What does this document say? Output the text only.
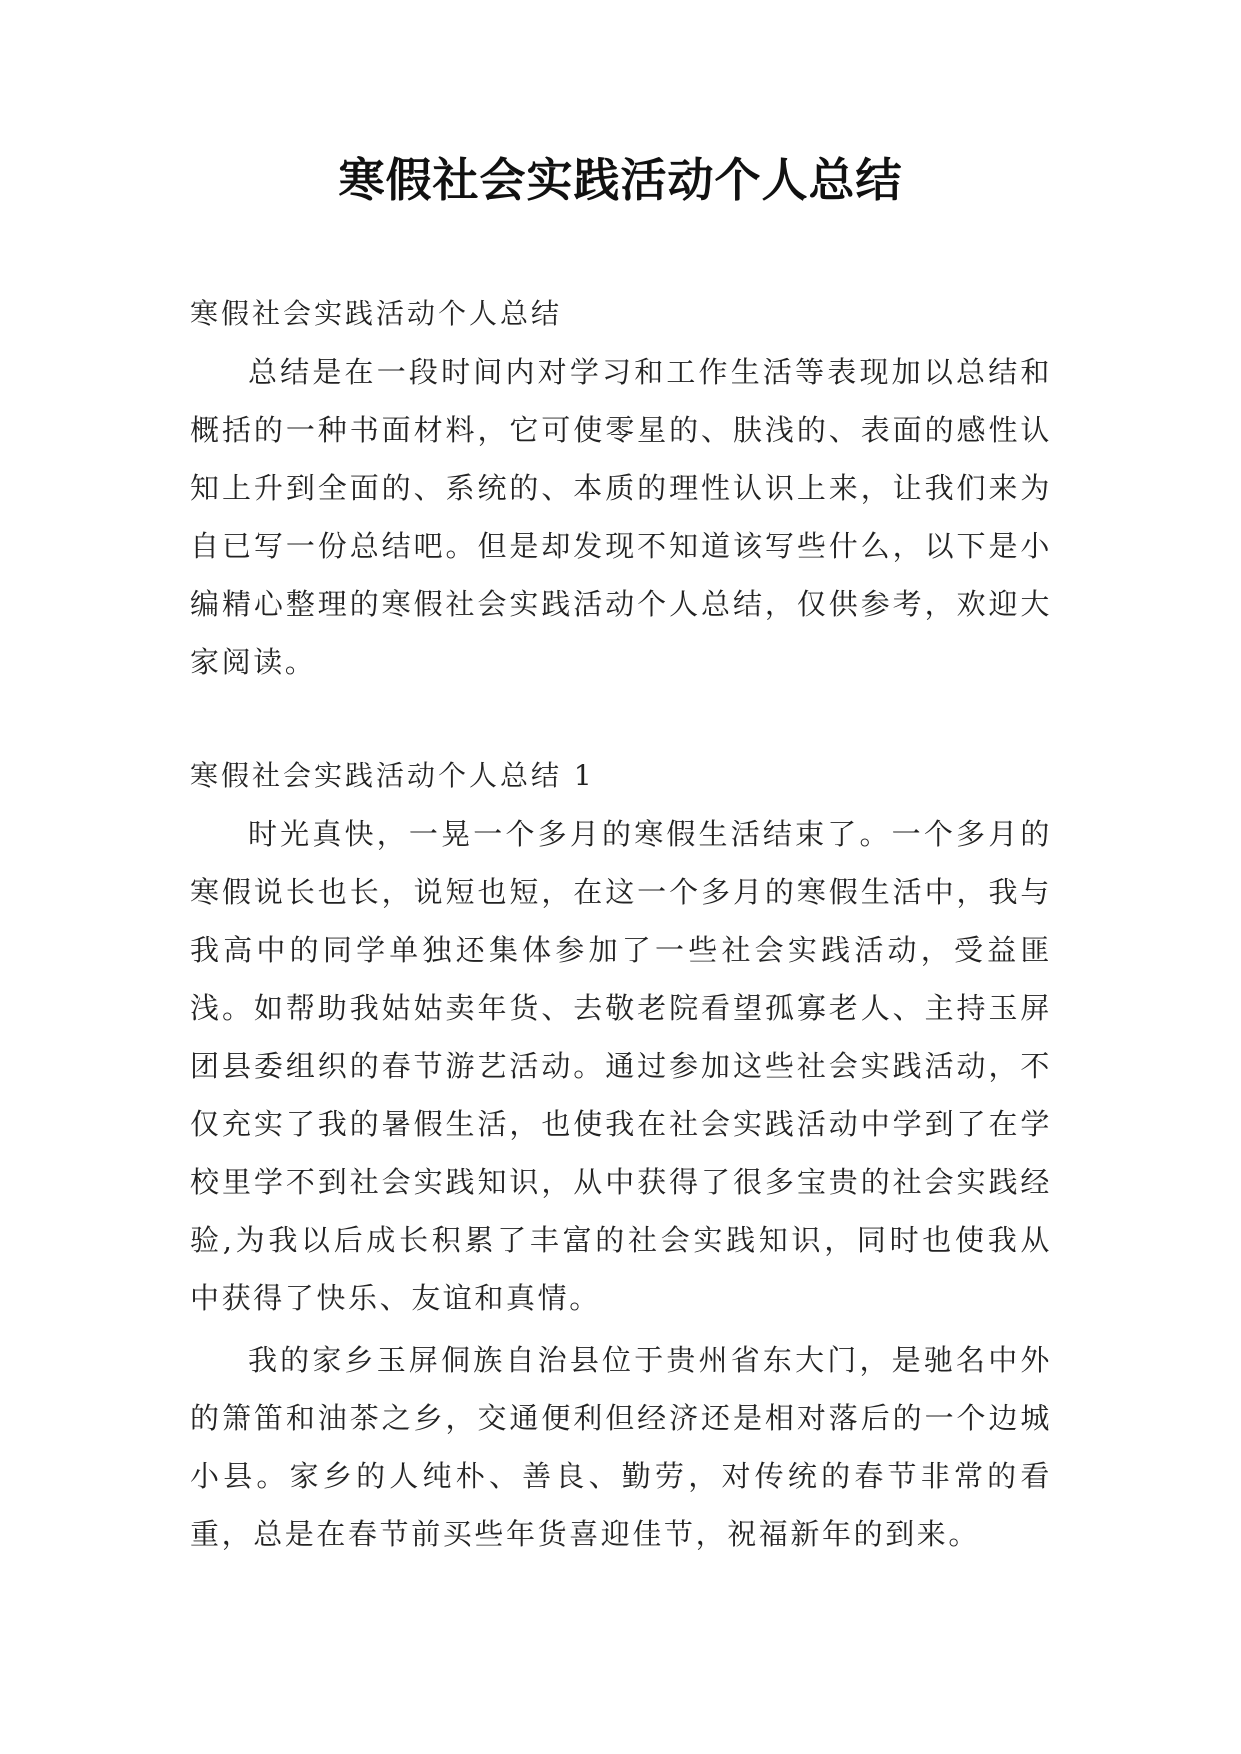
寒假社会实践活动个人总结

寒假社会实践活动个人总结

总结是在一段时间内对学习和工作生活等表现加以总结和概括的一种书面材料，它可使零星的、肤浅的、表面的感性认知上升到全面的、系统的、本质的理性认识上来，让我们来为自已写一份总结吧。但是却发现不知道该写些什么，以下是小编精心整理的寒假社会实践活动个人总结，仅供参考，欢迎大家阅读。

寒假社会实践活动个人总结 1

时光真快，一晃一个多月的寒假生活结束了。一个多月的寒假说长也长，说短也短，在这一个多月的寒假生活中，我与我高中的同学单独还集体参加了一些社会实践活动，受益匪浅。如帮助我姑姑卖年货、去敬老院看望孤寡老人、主持玉屏团县委组织的春节游艺活动。通过参加这些社会实践活动，不仅充实了我的暑假生活，也使我在社会实践活动中学到了在学校里学不到社会实践知识，从中获得了很多宝贵的社会实践经验,为我以后成长积累了丰富的社会实践知识，同时也使我从中获得了快乐、友谊和真情。

我的家乡玉屏侗族自治县位于贵州省东大门，是驰名中外的箫笛和油茶之乡，交通便利但经济还是相对落后的一个边城小县。家乡的人纯朴、善良、勤劳，对传统的春节非常的看重，总是在春节前买些年货喜迎佳节，祝福新年的到来。
